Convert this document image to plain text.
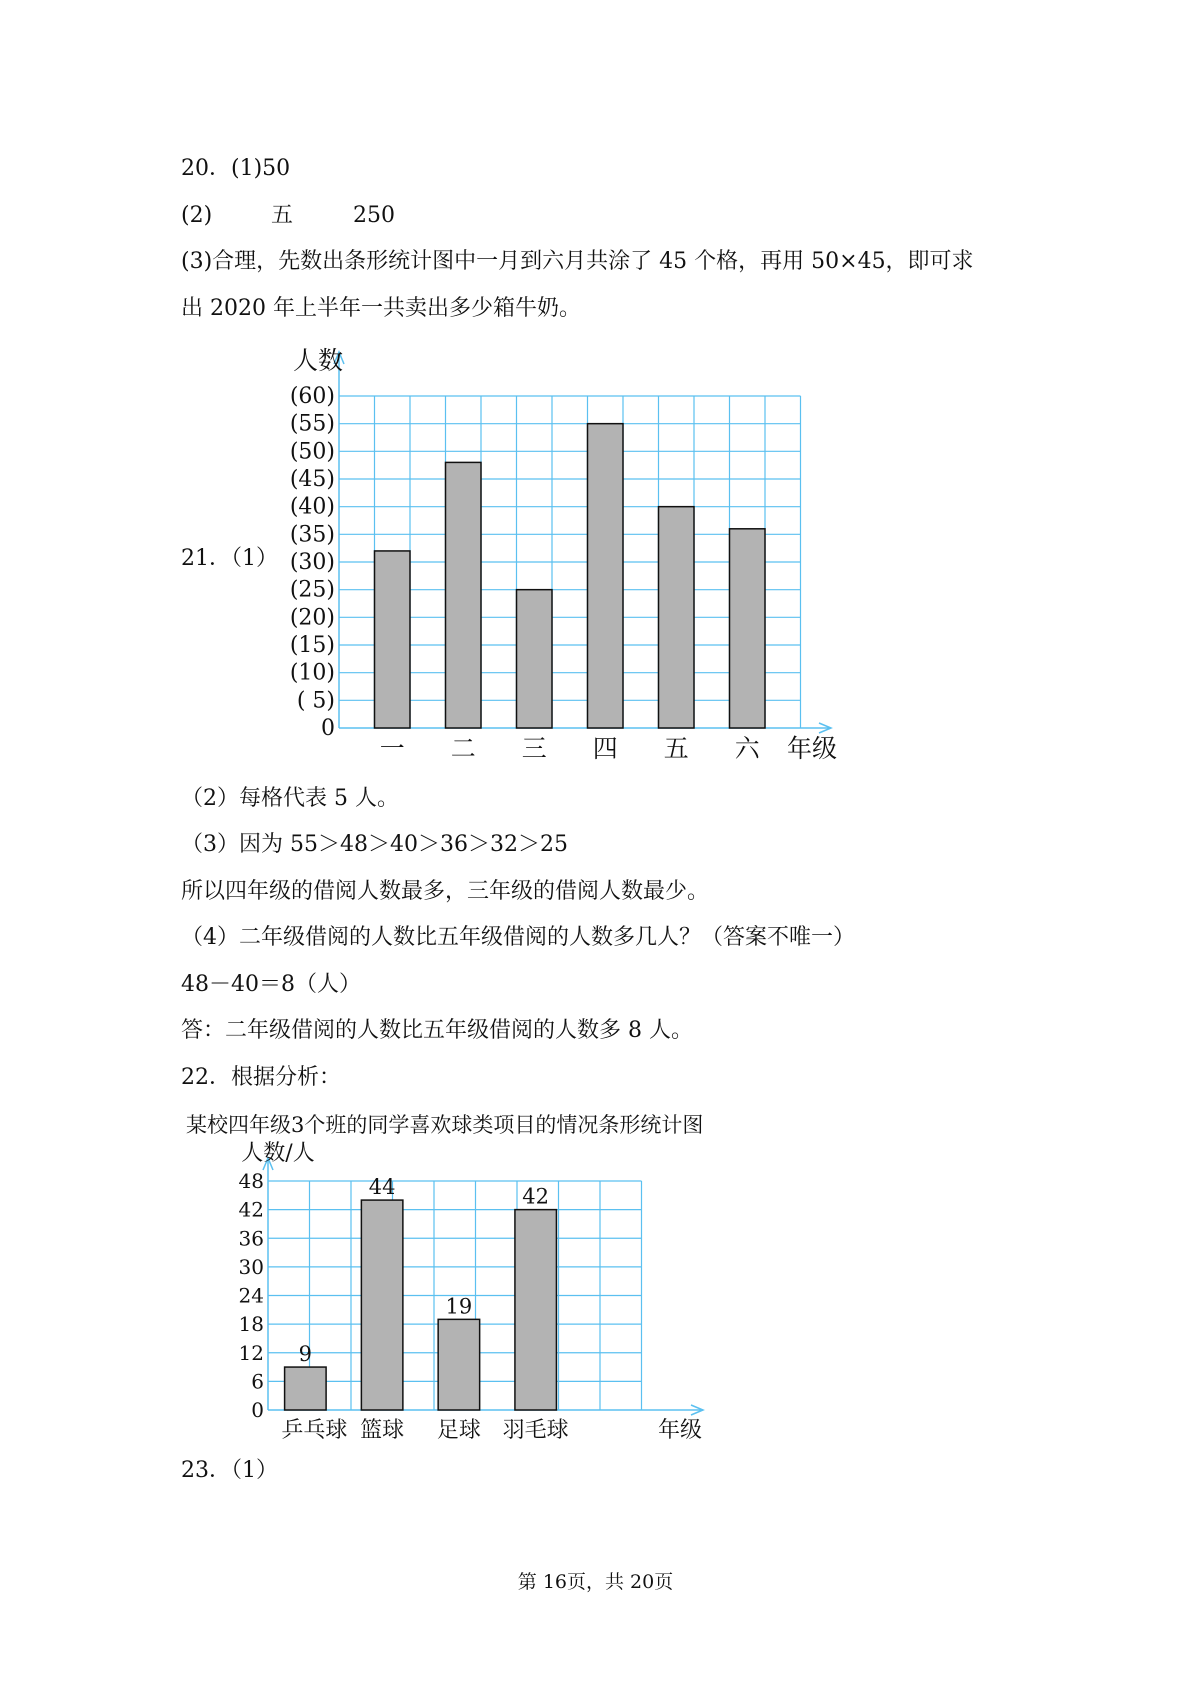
20．(1)50
(2)	五	250
(3)合理，先数出条形统计图中一月到六月共涂了 45 个格，再用 50×45，即可求
出 2020 年上半年一共卖出多少箱牛奶。
21．（1）
0
( 5)
(10)
(15)
(20)
(25)
(30)
(35)
(40)
(45)
(50)
(55)
(60)
一 二 三 四 五 六
人数
年级
（2）每格代表 5 人。
（3）因为 55＞48＞40＞36＞32＞25
所以四年级的借阅人数最多，三年级的借阅人数最少。
（4）二年级借阅的人数比五年级借阅的人数多几人？（答案不唯一）
48－40＝8（人）
答：二年级借阅的人数比五年级借阅的人数多 8 人。
22．根据分析：
0
6
12
18
24
30
36
42
48
乒乓球
9
篮球
44
足球
19
羽毛球
42
人数/人
年级
某校四年级3个班的同学喜欢球类项目的情况条形统计图
23．（1）
第 16页，共 20页
